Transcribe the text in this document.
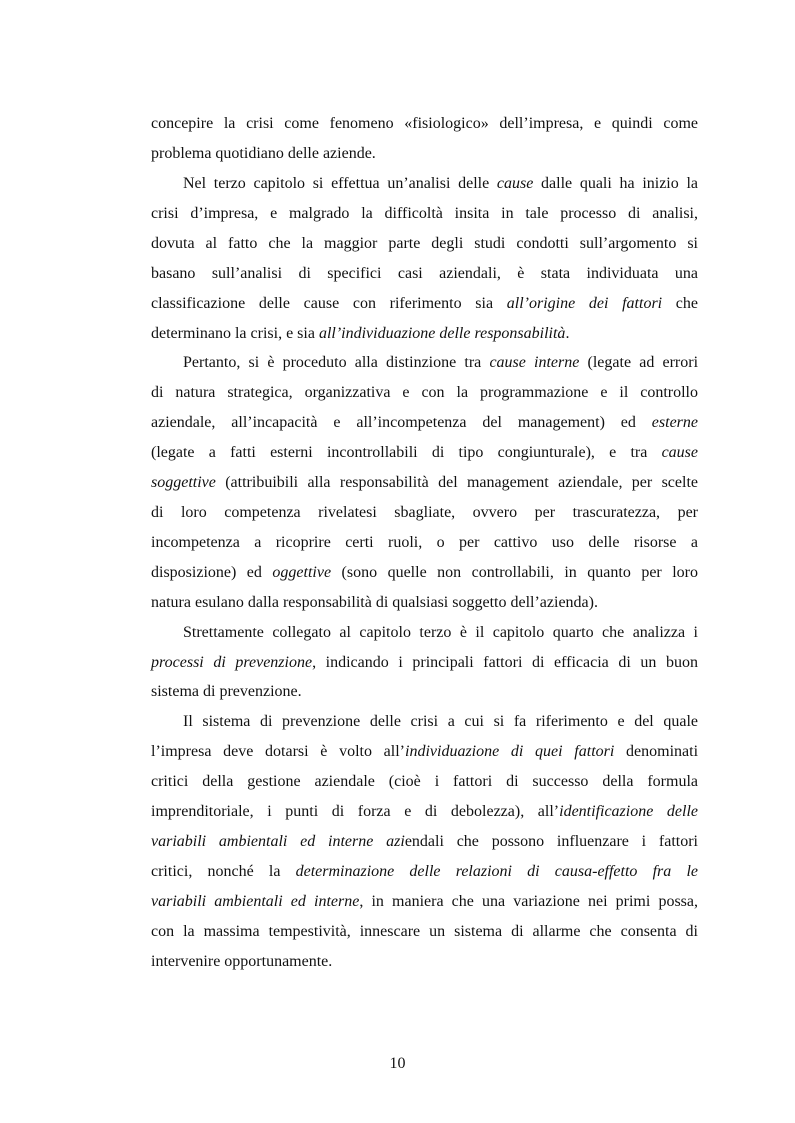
concepire la crisi come fenomeno «fisiologico» dell’impresa, e quindi come
problema quotidiano delle aziende.
Nel terzo capitolo si effettua un’analisi delle cause dalle quali ha inizio la
crisi d’impresa, e malgrado la difficoltà insita in tale processo di analisi,
dovuta al fatto che la maggior parte degli studi condotti sull’argomento si
basano sull’analisi di specifici casi aziendali, è stata individuata una
classificazione delle cause con riferimento sia all’origine dei fattori che
determinano la crisi, e sia all’individuazione delle responsabilità.
Pertanto, si è proceduto alla distinzione tra cause interne (legate ad errori
di natura strategica, organizzativa e con la programmazione e il controllo
aziendale, all’incapacità e all’incompetenza del management) ed esterne
(legate a fatti esterni incontrollabili di tipo congiunturale), e tra cause
soggettive (attribuibili alla responsabilità del management aziendale, per scelte
di loro competenza rivelatesi sbagliate, ovvero per trascuratezza, per
incompetenza a ricoprire certi ruoli, o per cattivo uso delle risorse a
disposizione) ed oggettive (sono quelle non controllabili, in quanto per loro
natura esulano dalla responsabilità di qualsiasi soggetto dell’azienda).
Strettamente collegato al capitolo terzo è il capitolo quarto che analizza i
processi di prevenzione, indicando i principali fattori di efficacia di un buon
sistema di prevenzione.
Il sistema di prevenzione delle crisi a cui si fa riferimento e del quale
l’impresa deve dotarsi è volto all’individuazione di quei fattori denominati
critici della gestione aziendale (cioè i fattori di successo della formula
imprenditoriale, i punti di forza e di debolezza), all’identificazione delle
variabili ambientali ed interne aziendali che possono influenzare i fattori
critici, nonché la determinazione delle relazioni di causa-effetto fra le
variabili ambientali ed interne, in maniera che una variazione nei primi possa,
con la massima tempestività, innescare un sistema di allarme che consenta di
intervenire opportunamente.
10
